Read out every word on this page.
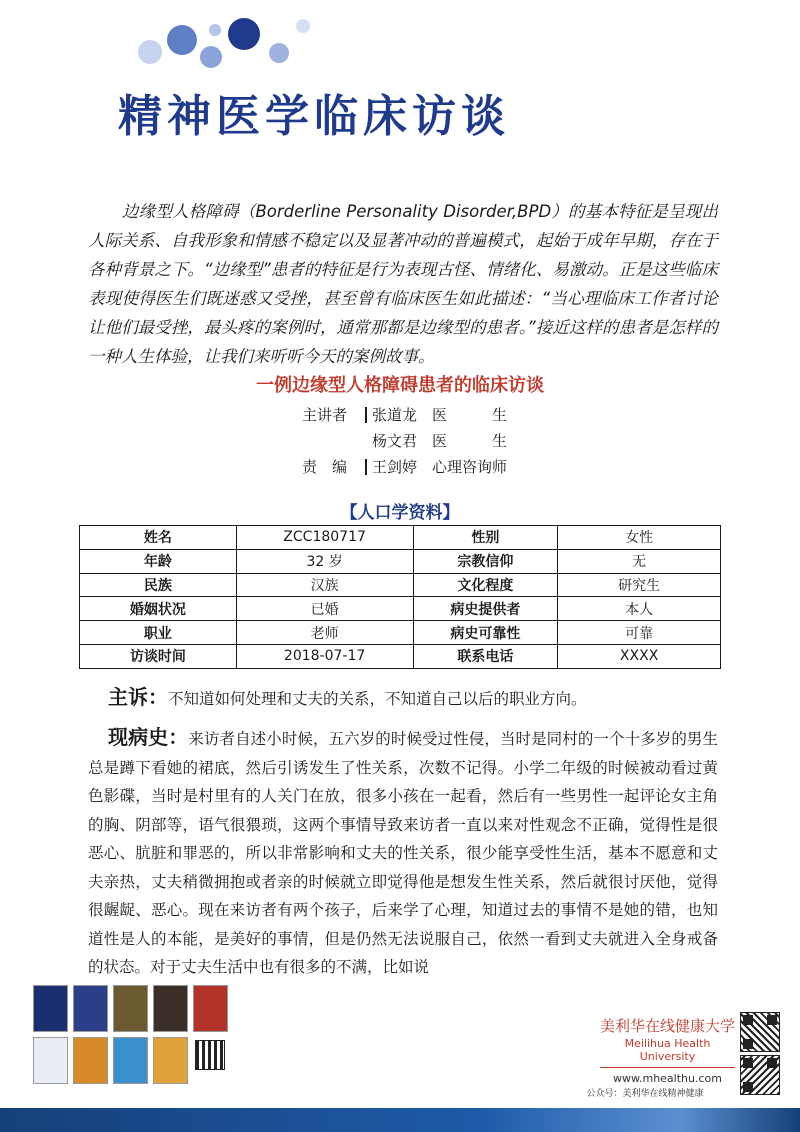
精神医学临床访谈

边缘型人格障碍（Borderline Personality Disorder,BPD）的基本特征是呈现出人际关系、自我形象和情感不稳定以及显著冲动的普遍模式，起始于成年早期，存在于各种背景之下。“边缘型”患者的特征是行为表现古怪、情绪化、易激动。正是这些临床表现使得医生们既迷惑又受挫，甚至曾有临床医生如此描述：“当心理临床工作者讨论让他们最受挫，最头疼的案例时，通常那都是边缘型的患者。”接近这样的患者是怎样的一种人生体验，让我们来听听今天的案例故事。

一例边缘型人格障碍患者的临床访谈
主讲者	张道龙 医　　　生
杨文君 医　　　生
责　编	王剑婷 心理咨询师
【人口学资料】
姓名	ZCC180717	性别	女性
年龄	32 岁	宗教信仰	无
民族	汉族	文化程度	研究生
婚姻状况	已婚	病史提供者	本人
职业	老师	病史可靠性	可靠
访谈时间	2018-07-17	联系电话	XXXX
主诉：不知道如何处理和丈夫的关系，不知道自己以后的职业方向。

现病史：来访者自述小时候，五六岁的时候受过性侵，当时是同村的一个十多岁的男生总是蹲下看她的裙底，然后引诱发生了性关系，次数不记得。小学二年级的时候被动看过黄色影碟，当时是村里有的人关门在放，很多小孩在一起看，然后有一些男性一起评论女主角的胸、阴部等，语气很猥琐，这两个事情导致来访者一直以来对性观念不正确，觉得性是很恶心、肮脏和罪恶的，所以非常影响和丈夫的性关系，很少能享受性生活，基本不愿意和丈夫亲热，丈夫稍微拥抱或者亲的时候就立即觉得他是想发生性关系，然后就很讨厌他，觉得很龌龊、恶心。现在来访者有两个孩子，后来学了心理，知道过去的事情不是她的错，也知道性是人的本能，是美好的事情，但是仍然无法说服自己，依然一看到丈夫就进入全身戒备的状态。对于丈夫生活中也有很多的不满，比如说

美利华在线健康大学
Meilihua Health University
www.mhealthu.com
公众号：美利华在线精神健康
